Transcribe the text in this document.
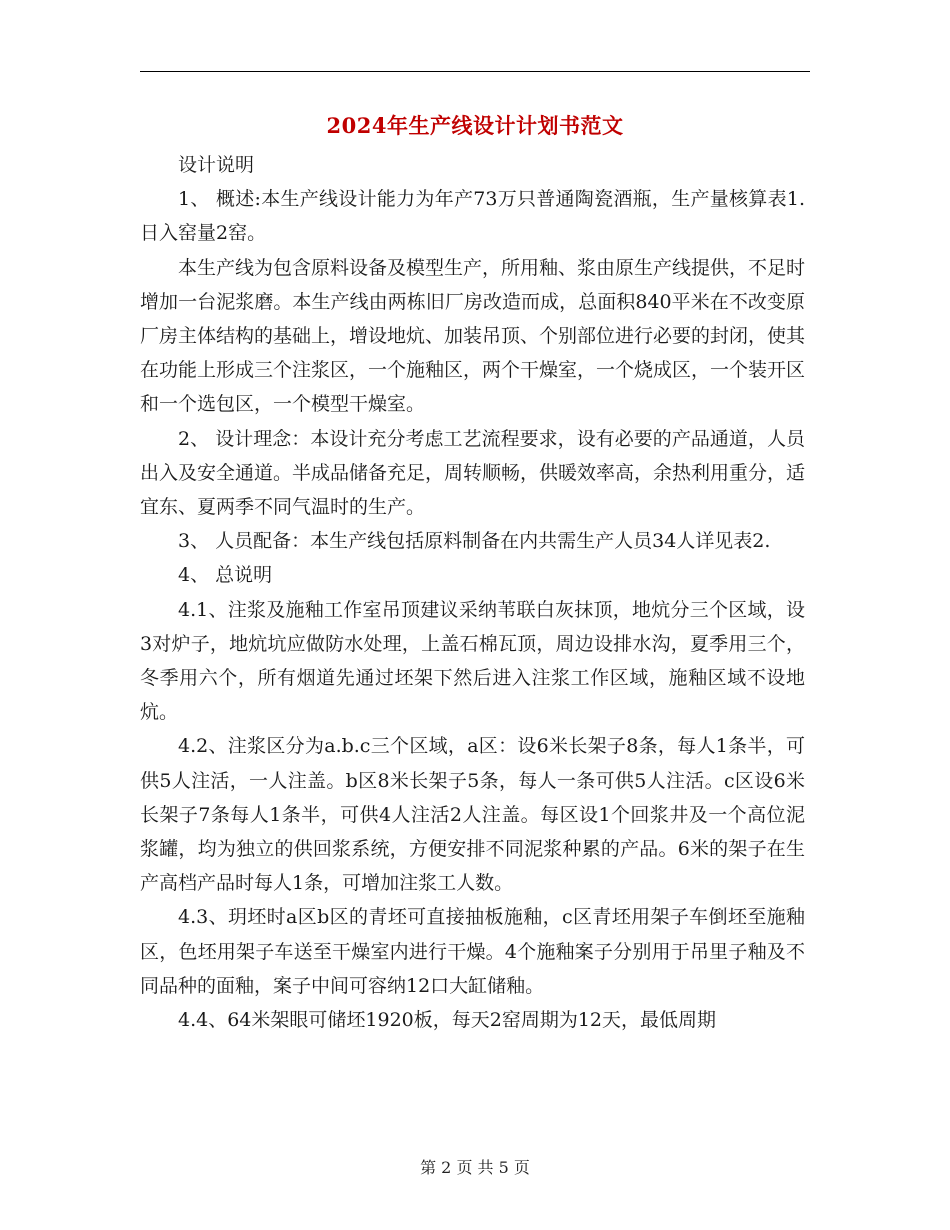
2024年生产线设计计划书范文

设计说明

1、 概述:本生产线设计能力为年产73万只普通陶瓷酒瓶，生产量核算表1.日入窑量2窑。

本生产线为包含原料设备及模型生产，所用釉、浆由原生产线提供，不足时增加一台泥浆磨。本生产线由两栋旧厂房改造而成，总面积840平米在不改变原厂房主体结构的基础上，增设地炕、加装吊顶、个别部位进行必要的封闭，使其在功能上形成三个注浆区，一个施釉区，两个干燥室，一个烧成区，一个装开区和一个选包区，一个模型干燥室。

2、 设计理念：本设计充分考虑工艺流程要求，设有必要的产品通道，人员出入及安全通道。半成品储备充足，周转顺畅，供暖效率高，余热利用重分，适宜东、夏两季不同气温时的生产。

3、 人员配备：本生产线包括原料制备在内共需生产人员34人详见表2.

4、 总说明

4.1、注浆及施釉工作室吊顶建议采纳苇联白灰抹顶，地炕分三个区域，设3对炉子，地炕坑应做防水处理，上盖石棉瓦顶，周边设排水沟，夏季用三个，冬季用六个，所有烟道先通过坯架下然后进入注浆工作区域，施釉区域不设地炕。

4.2、注浆区分为a.b.c三个区域，a区：设6米长架子8条，每人1条半，可供5人注活，一人注盖。b区8米长架子5条，每人一条可供5人注活。c区设6米长架子7条每人1条半，可供4人注活2人注盖。每区设1个回浆井及一个高位泥浆罐，均为独立的供回浆系统，方便安排不同泥浆种累的产品。6米的架子在生产高档产品时每人1条，可增加注浆工人数。

4.3、玥坯时a区b区的青坯可直接抽板施釉，c区青坯用架子车倒坯至施釉区，色坯用架子车送至干燥室内进行干燥。4个施釉案子分别用于吊里子釉及不同品种的面釉，案子中间可容纳12口大缸储釉。

4.4、64米架眼可储坯1920板，每天2窑周期为12天，最低周期

第 2 页 共 5 页
